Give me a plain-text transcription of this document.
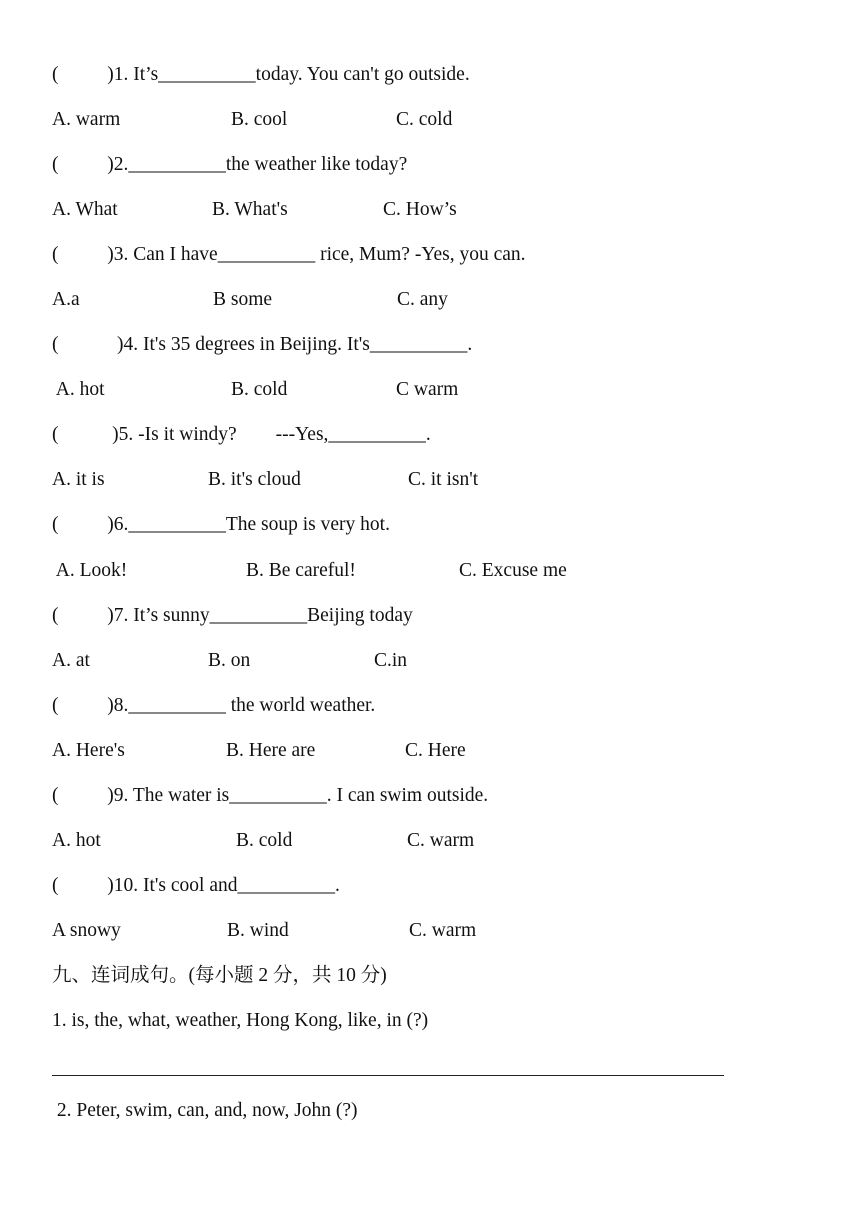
(          )1. It’s__________today. You can't go outside.
A. warm	B. cool	C. cold
(          )2.__________the weather like today?
A. What	B. What's	C. How’s
(          )3. Can I have__________ rice, Mum? -Yes, you can.
A.a	B some	C. any
(            )4. It's 35 degrees in Beijing. It's__________.
A. hot	B. cold	C warm
(           )5. -Is it windy?        ---Yes,__________.
A. it is	B. it's cloud	C. it isn't
(          )6.__________The soup is very hot.
A. Look!	B. Be careful!	C. Excuse me
(          )7. It’s sunny__________Beijing today
A. at	B. on	C.in
(          )8.__________ the world weather.
A. Here's	B. Here are	C. Here
(          )9. The water is__________. I can swim outside.
A. hot	B. cold	C. warm
(          )10. It's cool and__________.
A snowy	B. wind	C. warm
九、连词成句。(每小题 2 分，共 10 分)
1. is, the, what, weather, Hong Kong, like, in (?)
2. Peter, swim, can, and, now, John (?)
